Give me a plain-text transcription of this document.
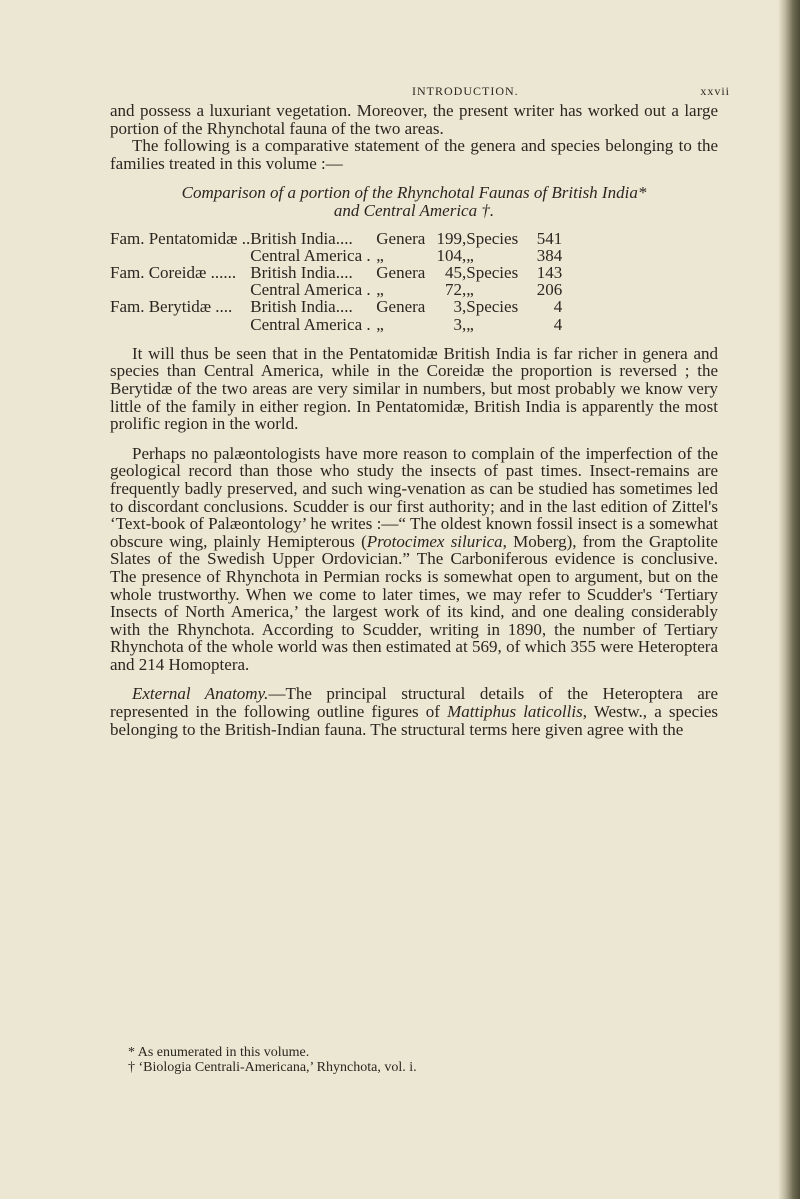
INTRODUCTION.	xxvii

and possess a luxuriant vegetation. Moreover, the present writer has worked out a large portion of the Rhynchotal fauna of the two areas.

The following is a comparative statement of the genera and species belonging to the families treated in this volume :—

Comparison of a portion of the Rhynchotal Faunas of British India*
and Central America †.
Fam. Pentatomidæ ..	British India....	Genera	199,	Species	541
	Central America .	„	104,	„	384
Fam. Coreidæ ......	British India....	Genera	45,	Species	143
	Central America .	„	72,	„	206
Fam. Berytidæ ....	British India....	Genera	3,	Species	4
	Central America .	„	3,	„	4

It will thus be seen that in the Pentatomidæ British India is far richer in genera and species than Central America, while in the Coreidæ the proportion is reversed ; the Berytidæ of the two areas are very similar in numbers, but most probably we know very little of the family in either region. In Pentatomidæ, British India is apparently the most prolific region in the world.

Perhaps no palæontologists have more reason to complain of the imperfection of the geological record than those who study the insects of past times. Insect-remains are frequently badly preserved, and such wing-venation as can be studied has sometimes led to discordant conclusions. Scudder is our first authority; and in the last edition of Zittel's ‘Text-book of Palæontology’ he writes :—“ The oldest known fossil insect is a somewhat obscure wing, plainly Hemipterous (Protocimex silurica, Moberg), from the Graptolite Slates of the Swedish Upper Ordovician.” The Carboniferous evidence is conclusive. The presence of Rhynchota in Permian rocks is somewhat open to argument, but on the whole trustworthy. When we come to later times, we may refer to Scudder's ‘Tertiary Insects of North America,’ the largest work of its kind, and one dealing considerably with the Rhynchota. According to Scudder, writing in 1890, the number of Tertiary Rhynchota of the whole world was then estimated at 569, of which 355 were Heteroptera and 214 Homoptera.

External Anatomy.—The principal structural details of the Heteroptera are represented in the following outline figures of Mattiphus laticollis, Westw., a species belonging to the British-Indian fauna. The structural terms here given agree with the

* As enumerated in this volume.
† ‘Biologia Centrali-Americana,’ Rhynchota, vol. i.
